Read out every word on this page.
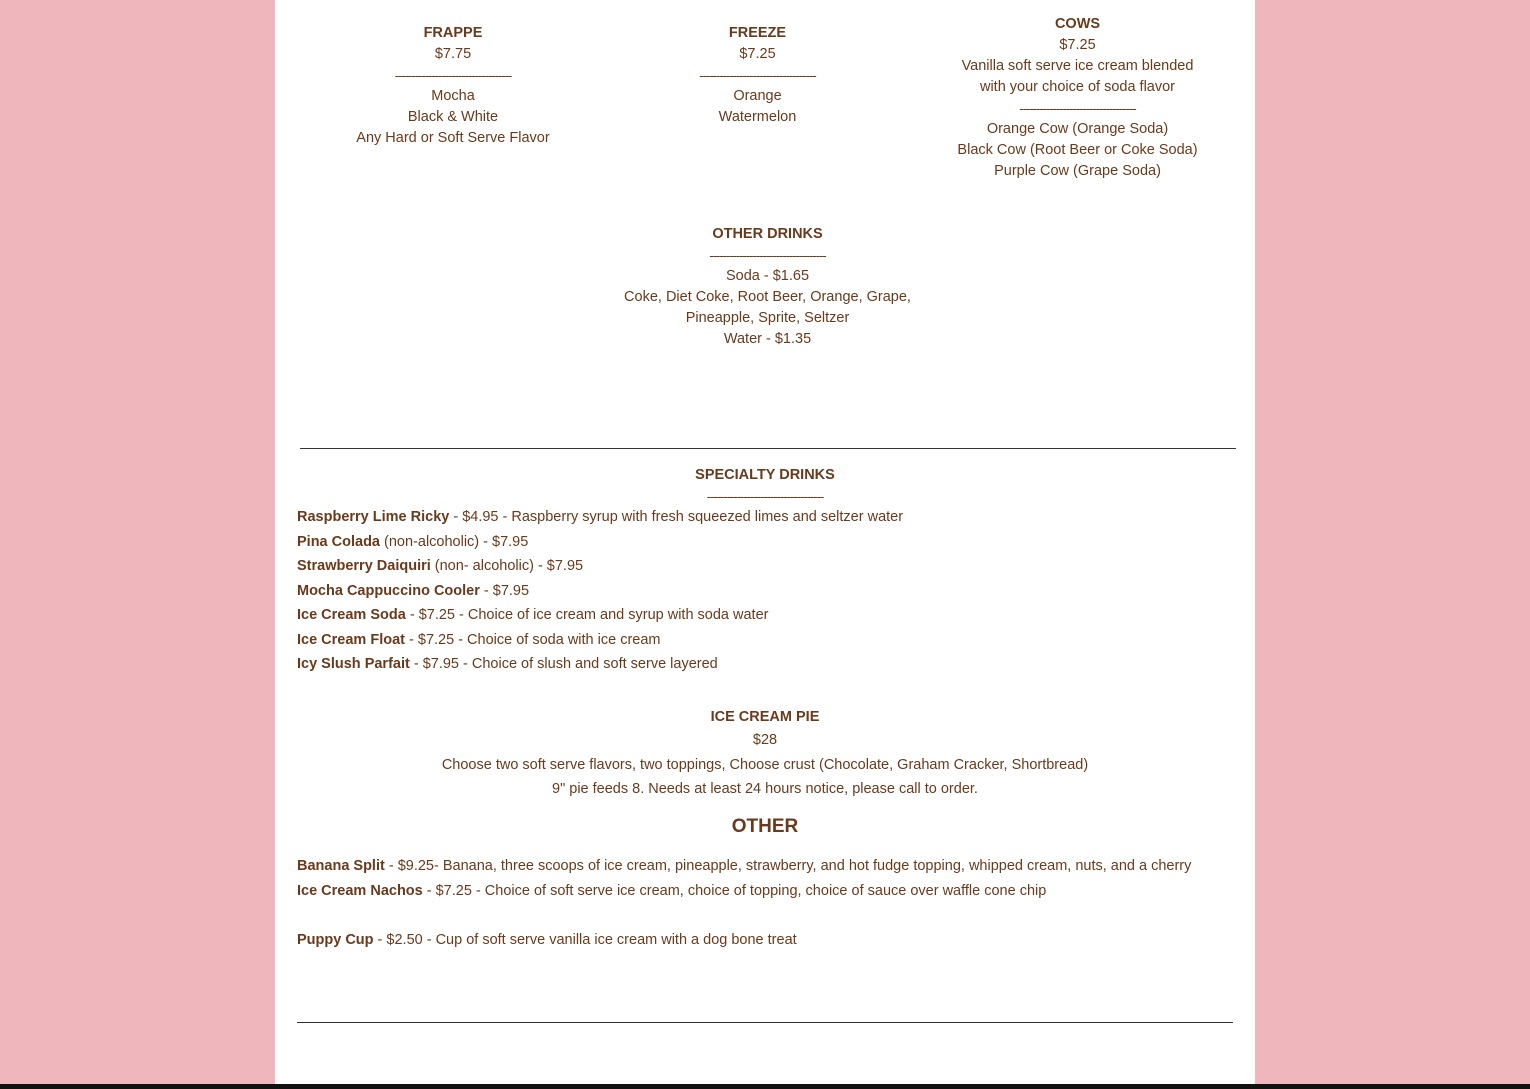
FRAPPE
$7.75
-----------------------------------
Mocha
Black & White
Any Hard or Soft Serve Flavor
FREEZE
$7.25
-----------------------------------
Orange
Watermelon
COWS
$7.25
Vanilla soft serve ice cream blended
with your choice of soda flavor
-----------------------------------
Orange Cow (Orange Soda)
Black Cow (Root Beer or Coke Soda)
Purple Cow (Grape Soda)
OTHER DRINKS
-----------------------------------
Soda - $1.65
Coke, Diet Coke, Root Beer, Orange, Grape,
Pineapple, Sprite, Seltzer
Water - $1.35
SPECIALTY DRINKS
-----------------------------------
Raspberry Lime Ricky - $4.95 - Raspberry syrup with fresh squeezed limes and seltzer water
Pina Colada (non-alcoholic) - $7.95
Strawberry Daiquiri (non- alcoholic) - $7.95
Mocha Cappuccino Cooler - $7.95
Ice Cream Soda - $7.25 - Choice of ice cream and syrup with soda water
Ice Cream Float - $7.25 - Choice of soda with ice cream
Icy Slush Parfait - $7.95 - Choice of slush and soft serve layered
ICE CREAM PIE
$28
Choose two soft serve flavors, two toppings, Choose crust (Chocolate, Graham Cracker, Shortbread)
9" pie feeds 8. Needs at least 24 hours notice, please call to order.
OTHER
Banana Split - $9.25- Banana, three scoops of ice cream, pineapple, strawberry, and hot fudge topping, whipped cream, nuts, and a cherry
Ice Cream Nachos - $7.25 - Choice of soft serve ice cream, choice of topping, choice of sauce over waffle cone chip
Puppy Cup - $2.50 - Cup of soft serve vanilla ice cream with a dog bone treat
